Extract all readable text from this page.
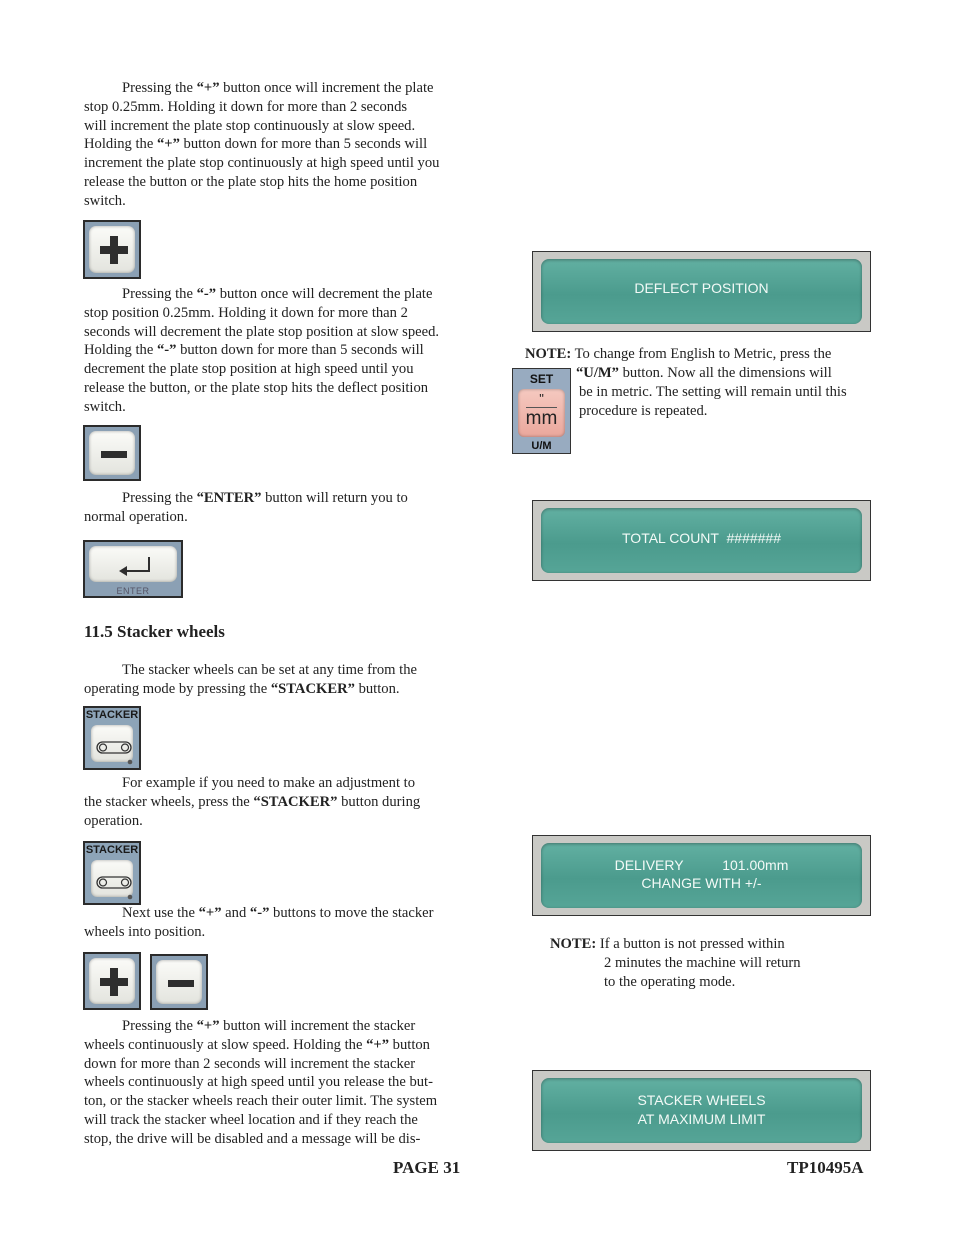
Pressing the “+” button once will increment the plate
stop 0.25mm. Holding it down for more than 2 seconds
will increment the plate stop continuously at slow speed.
Holding the “+” button down for more than 5 seconds will
increment the plate stop continuously at high speed until you
release the button or the plate stop hits the home position
switch.
Pressing the “-” button once will decrement the plate
stop position 0.25mm. Holding it down for more than 2
seconds will decrement the plate stop position at slow speed.
Holding the “-” button down for more than 5 seconds will
decrement the plate stop position at high speed until you
release the button, or the plate stop hits the deflect position
switch.
Pressing the “ENTER” button will return you to
normal operation.
ENTER
11.5 Stacker wheels
The stacker wheels can be set at any time from the
operating mode by pressing the “STACKER” button.
STACKER
For example if you need to make an adjustment to
the stacker wheels, press the “STACKER” button during
operation.
STACKER
Next use the “+” and “-” buttons to move the stacker
wheels into position.
Pressing the “+” button will increment the stacker
wheels continuously at slow speed. Holding the “+” button
down for more than 2 seconds will increment the stacker
wheels continuously at high speed until you release the but-
ton, or the stacker wheels reach their outer limit. The system
will track the stacker wheel location and if they reach the
stop, the drive will be disabled and a message will be dis-
DEFLECT POSITION
NOTE: To change from English to Metric, press the
SET
"
mm
U/M
“U/M” button. Now all the dimensions will
be in metric. The setting will remain until this
procedure is repeated.
TOTAL COUNT  #######
DELIVERY          101.00mm
CHANGE WITH +/-
NOTE: If a button is not pressed within
2 minutes the machine will return
to the operating mode.
STACKER WHEELS
AT MAXIMUM LIMIT
PAGE 31	TP10495A
